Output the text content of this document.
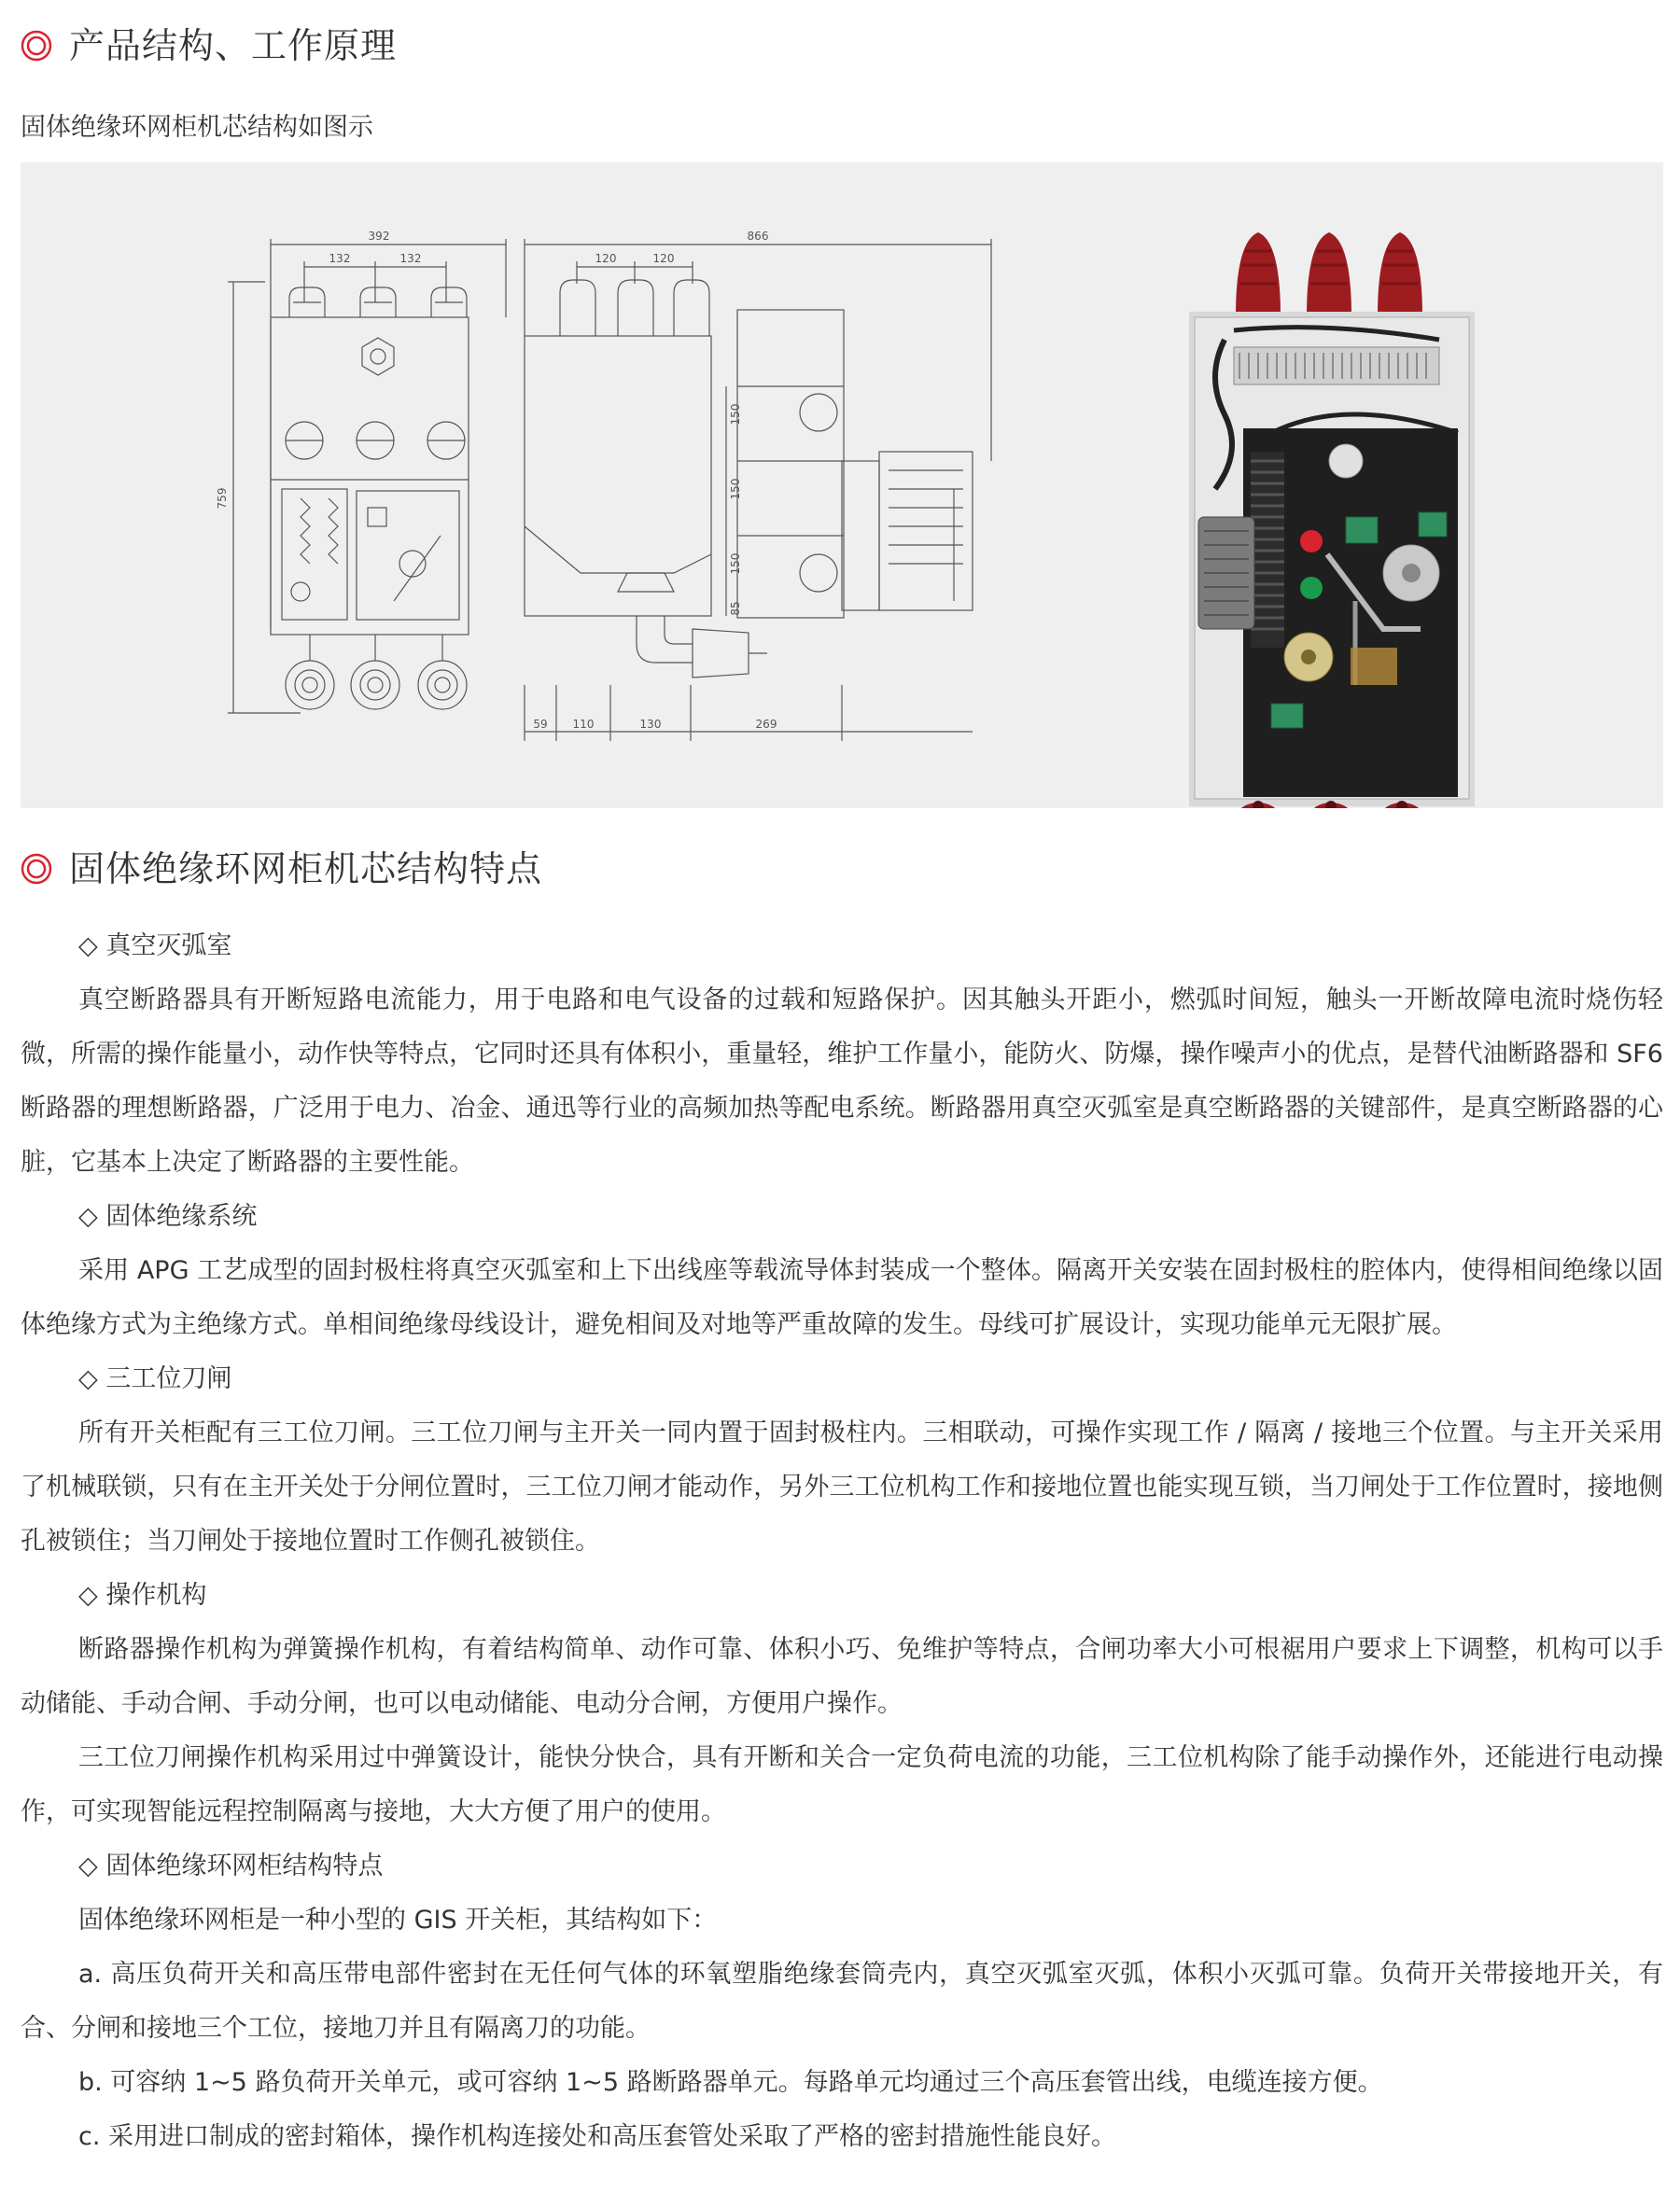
产品结构、工作原理
固体绝缘环网柜机芯结构如图示
392
132	132
866
120	120
759
150
150
150
85
59 110	130	269
固体绝缘环网柜机芯结构特点

◇ 真空灭弧室

真空断路器具有开断短路电流能力，用于电路和电气设备的过载和短路保护。因其触头开距小，燃弧时间短，触头一开断故障电流时烧伤轻微，所需的操作能量小，动作快等特点，它同时还具有体积小，重量轻，维护工作量小，能防火、防爆，操作噪声小的优点，是替代油断路器和 SF6 断路器的理想断路器，广泛用于电力、冶金、通迅等行业的高频加热等配电系统。断路器用真空灭弧室是真空断路器的关键部件，是真空断路器的心脏，它基本上决定了断路器的主要性能。

◇ 固体绝缘系统

采用 APG 工艺成型的固封极柱将真空灭弧室和上下出线座等载流导体封装成一个整体。隔离开关安装在固封极柱的腔体内，使得相间绝缘以固体绝缘方式为主绝缘方式。单相间绝缘母线设计，避免相间及对地等严重故障的发生。母线可扩展设计，实现功能单元无限扩展。

◇ 三工位刀闸

所有开关柜配有三工位刀闸。三工位刀闸与主开关一同内置于固封极柱内。三相联动，可操作实现工作 / 隔离 / 接地三个位置。与主开关采用了机械联锁，只有在主开关处于分闸位置时，三工位刀闸才能动作，另外三工位机构工作和接地位置也能实现互锁，当刀闸处于工作位置时，接地侧孔被锁住；当刀闸处于接地位置时工作侧孔被锁住。

◇ 操作机构

断路器操作机构为弹簧操作机构，有着结构简单、动作可靠、体积小巧、免维护等特点，合闸功率大小可根裾用户要求上下调整，机构可以手动储能、手动合闸、手动分闸，也可以电动储能、电动分合闸，方便用户操作。

三工位刀闸操作机构采用过中弹簧设计，能快分快合，具有开断和关合一定负荷电流的功能，三工位机构除了能手动操作外，还能进行电动操作，可实现智能远程控制隔离与接地，大大方便了用户的使用。

◇ 固体绝缘环网柜结构特点

固体绝缘环网柜是一种小型的 GIS 开关柜，其结构如下：

a. 高压负荷开关和高压带电部件密封在无任何气体的环氧塑脂绝缘套筒壳内，真空灭弧室灭弧，体积小灭弧可靠。负荷开关带接地开关，有合、分闸和接地三个工位，接地刀并且有隔离刀的功能。

b. 可容纳 1~5 路负荷开关单元，或可容纳 1~5 路断路器单元。每路单元均通过三个高压套管出线，电缆连接方便。

c. 采用进口制成的密封箱体，操作机构连接处和高压套管处采取了严格的密封措施性能良好。
